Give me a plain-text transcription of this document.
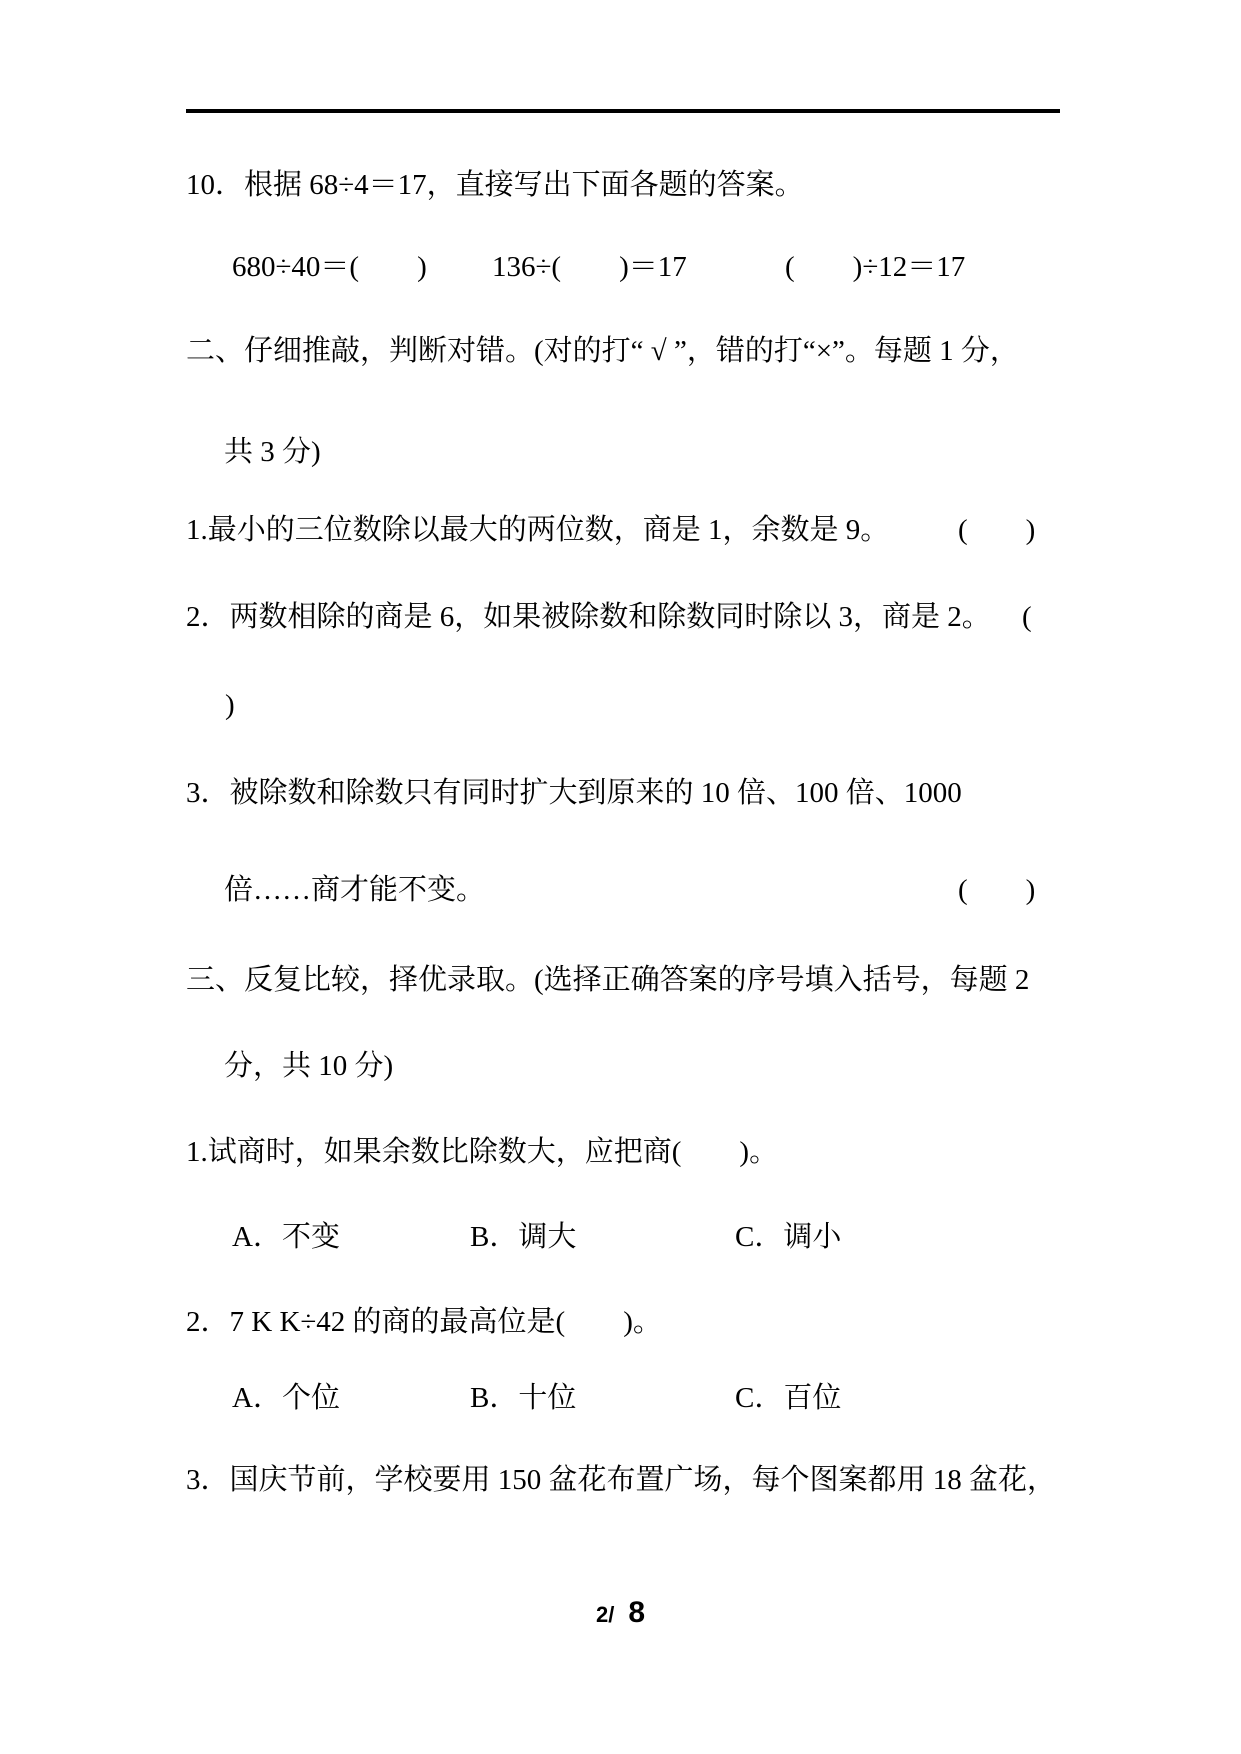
10．根据 68÷4＝17，直接写出下面各题的答案。
680÷40＝(　　) 136÷(　　)＝17	(　　)÷12＝17
二、仔细推敲，判断对错。(对的打“ √ ”，错的打“×”。每题 1 分，
共 3 分)
1.最小的三位数除以最大的两位数，商是 1，余数是 9。 (　　)
2．两数相除的商是 6，如果被除数和除数同时除以 3，商是 2。 (
)
3．被除数和除数只有同时扩大到原来的 10 倍、100 倍、1000
倍……商才能不变。	(　　)
三、反复比较，择优录取。(选择正确答案的序号填入括号，每题 2
分，共 10 分)
1.试商时，如果余数比除数大，应把商(　　)。
A．不变	B．调大	C．调小
2．7 K K÷42 的商的最高位是(　　)。
A．个位	B．十位	C．百位
3．国庆节前，学校要用 150 盆花布置广场，每个图案都用 18 盆花，
2/ 8
